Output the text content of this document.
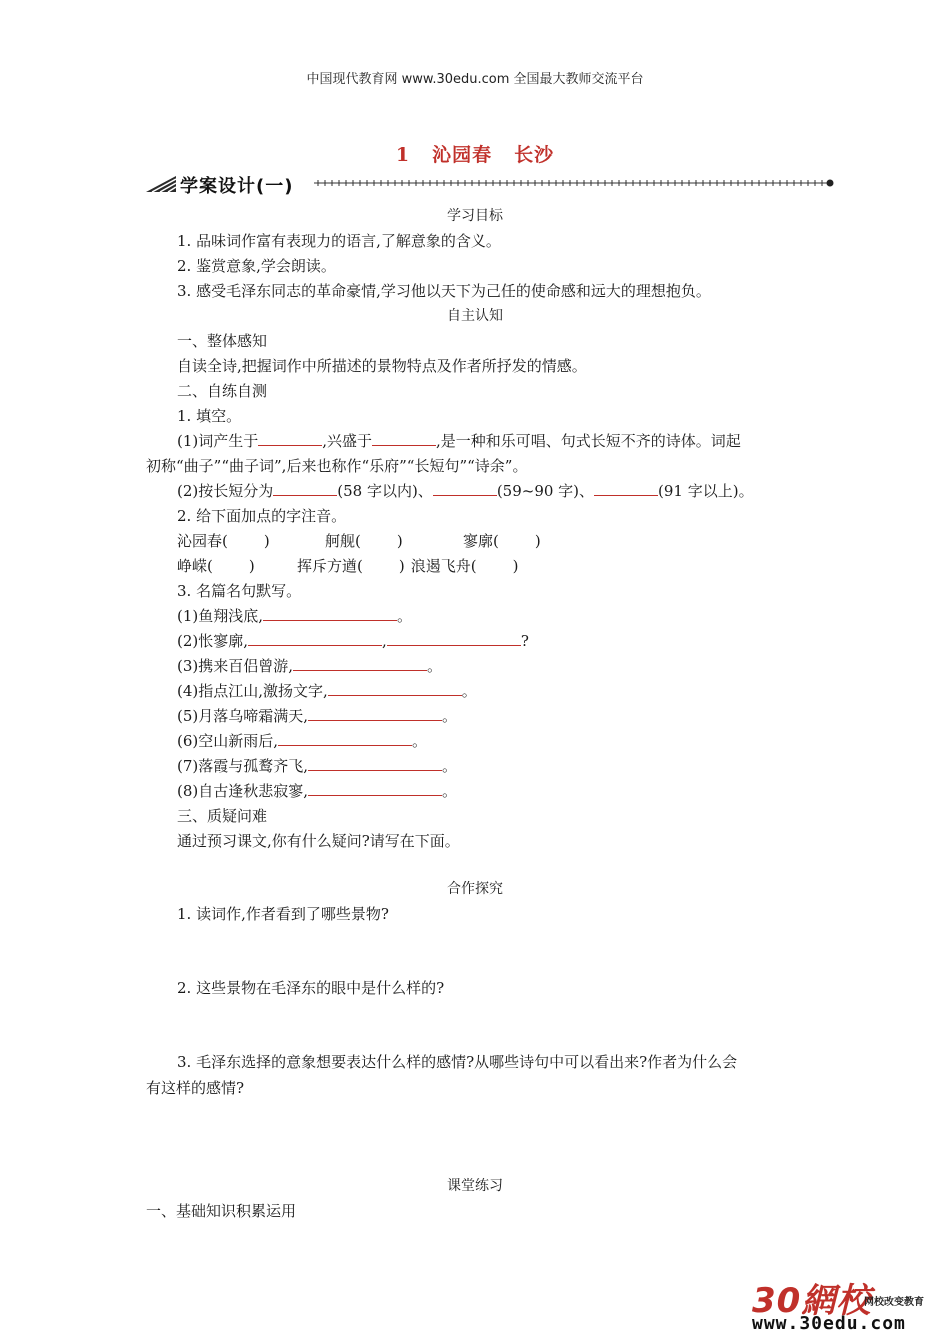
中国现代教育网 www.30edu.com 全国最大教师交流平台
1 沁园春 长沙
学案设计(一)
学习目标
1. 品味词作富有表现力的语言,了解意象的含义。
2. 鉴赏意象,学会朗读。
3. 感受毛泽东同志的革命豪情,学习他以天下为己任的使命感和远大的理想抱负。
自主认知
一、整体感知
自读全诗,把握词作中所描述的景物特点及作者所抒发的情感。
二、自练自测
1. 填空。
(1)词产生于	,兴盛于	,是一种和乐可唱、句式长短不齐的诗体。词起
初称“曲子”“曲子词”,后来也称作“乐府”“长短句”“诗余”。
(2)按长短分为	(58 字以内)、	(59~90 字)、	(91 字以上)。
2. 给下面加点的字注音。
沁园春( )	舸舰( )	寥廓( )
峥嵘( )	挥斥方遒( ) 浪遏飞舟( )
3. 名篇名句默写。
(1)鱼翔浅底,	。
(2)怅寥廓,	,	?
(3)携来百侣曾游,	。
(4)指点江山,激扬文字,	。
(5)月落乌啼霜满天,	。
(6)空山新雨后,	。
(7)落霞与孤鹜齐飞,	。
(8)自古逢秋悲寂寥,	。
三、质疑问难
通过预习课文,你有什么疑问?请写在下面。
合作探究
1. 读词作,作者看到了哪些景物?
2. 这些景物在毛泽东的眼中是什么样的?
3. 毛泽东选择的意象想要表达什么样的感情?从哪些诗句中可以看出来?作者为什么会
有这样的感情?
课堂练习
一、基础知识积累运用
30網校
网校改变教育
www.30edu.com
